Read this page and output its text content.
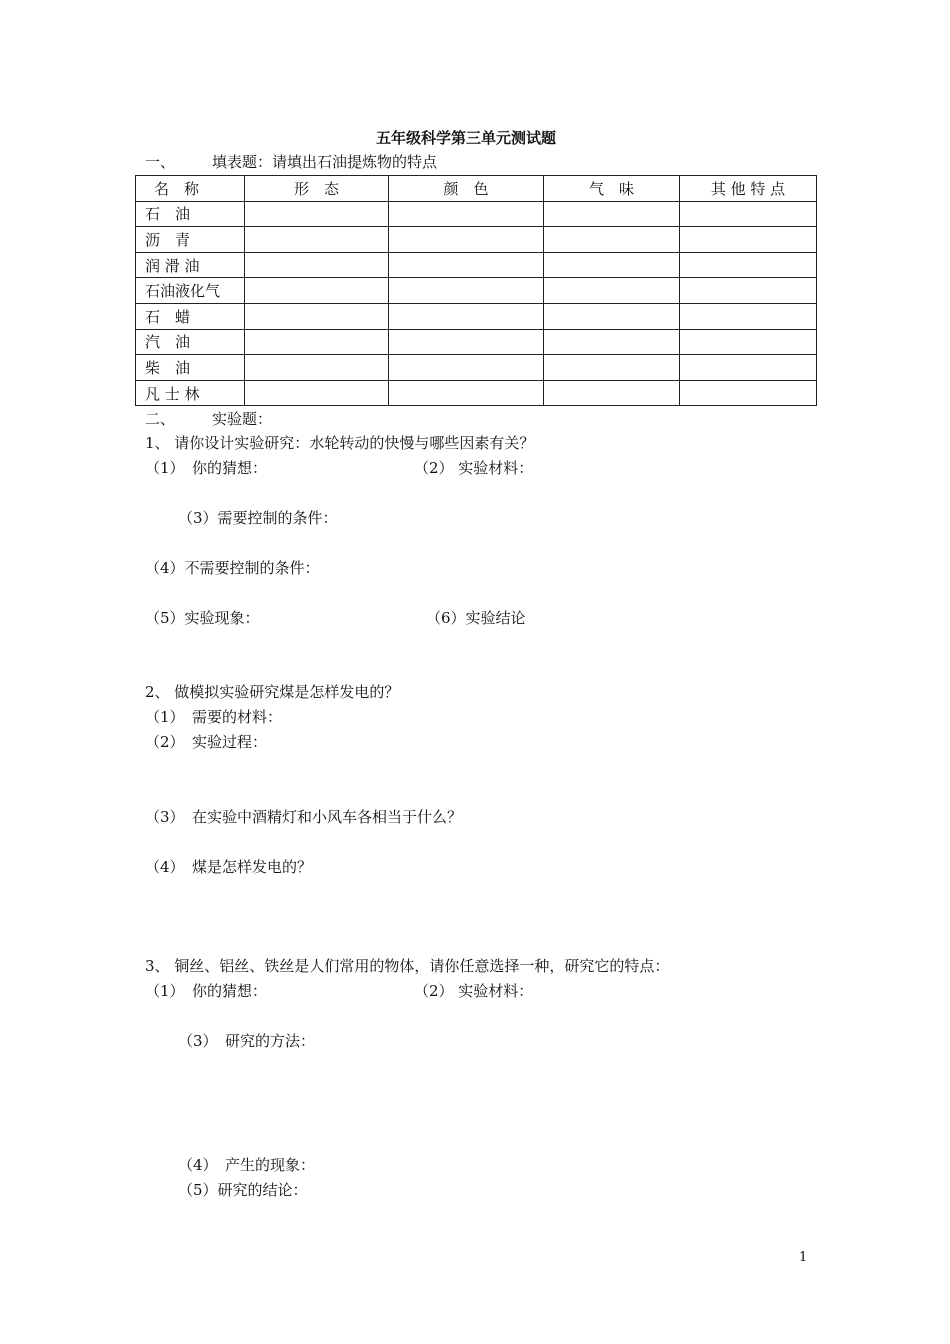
五年级科学第三单元测试题
一、 填表题：请填出石油提炼物的特点
名　称	形　态	颜　色	气　味	其 他 特 点
石　油				
沥　青				
润 滑 油				
石油液化气				
石　蜡				
汽　油				
柴　油				
凡 士 林				
二、 实验题：
1、 请你设计实验研究：水轮转动的快慢与哪些因素有关？
（1）　你的猜想：	（2） 实验材料：
（3）需要控制的条件：
（4）不需要控制的条件：
（5）实验现象：	（6）实验结论
2、 做模拟实验研究煤是怎样发电的？
（1）　需要的材料：
（2）　实验过程：
（3）　在实验中酒精灯和小风车各相当于什么？
（4）　煤是怎样发电的？
3、 铜丝、铝丝、铁丝是人们常用的物体，请你任意选择一种，研究它的特点：
（1）　你的猜想：	（2） 实验材料：
（3）　研究的方法：
（4）　产生的现象：
（5）研究的结论：
1
